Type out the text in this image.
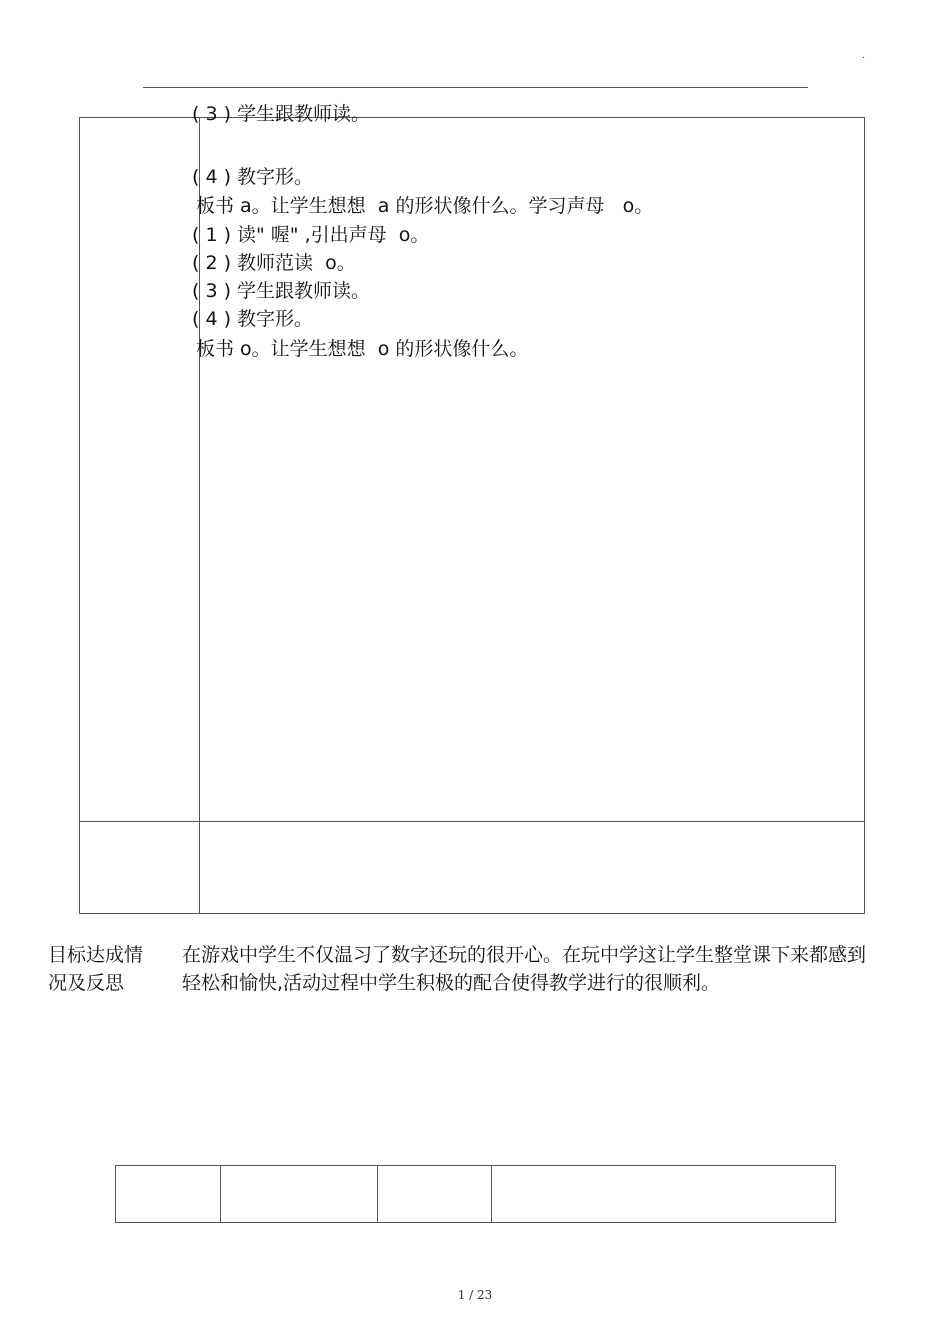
.
( 3 ) 学生跟教师读。
( 4 ) 教字形。
板书 a。让学生想想  a 的形状像什么。学习声母   o。
( 1 ) 读" 喔" ,引出声母  o。
( 2 ) 教师范读  o。
( 3 ) 学生跟教师读。
( 4 ) 教字形。
板书 o。让学生想想  o 的形状像什么。
目标达成情
况及反思
在游戏中学生不仅温习了数字还玩的很开心。在玩中学这让学生整堂课下来都感到轻松和愉快,活动过程中学生积极的配合使得教学进行的很顺利。
1 / 23
